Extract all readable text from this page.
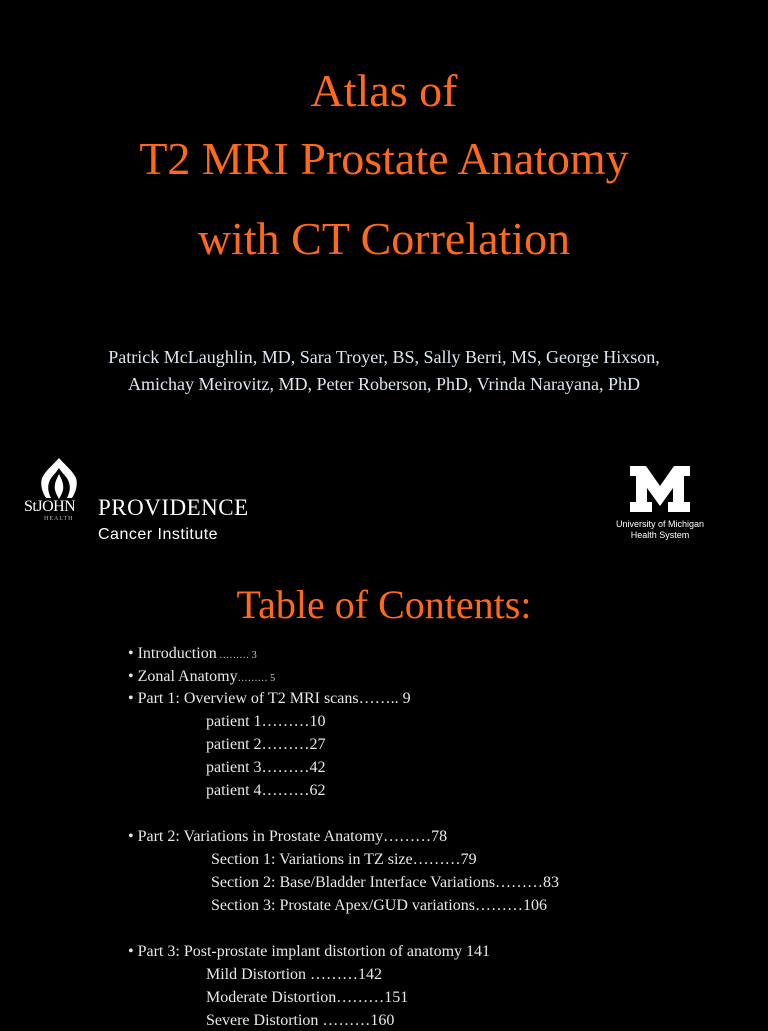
Atlas of
T2 MRI Prostate Anatomy
with CT Correlation
Patrick McLaughlin, MD, Sara Troyer, BS, Sally Berri, MS, George Hixson,
Amichay Meirovitz, MD, Peter Roberson, PhD, Vrinda Narayana, PhD
StJOHN
HEALTH PROVIDENCE
Cancer Institute
University of Michigan
Health System
Table of Contents:
• Introduction ……… 3
• Zonal Anatomy……… 5
• Part 1: Overview of T2 MRI scans…….. 9
patient 1………10
patient 2………27
patient 3………42
patient 4………62
• Part 2: Variations in Prostate Anatomy………78
Section 1: Variations in TZ size………79
Section 2: Base/Bladder Interface Variations………83
Section 3: Prostate Apex/GUD variations………106
• Part 3: Post-prostate implant distortion of anatomy 141
Mild Distortion ………142
Moderate Distortion………151
Severe Distortion ………160
